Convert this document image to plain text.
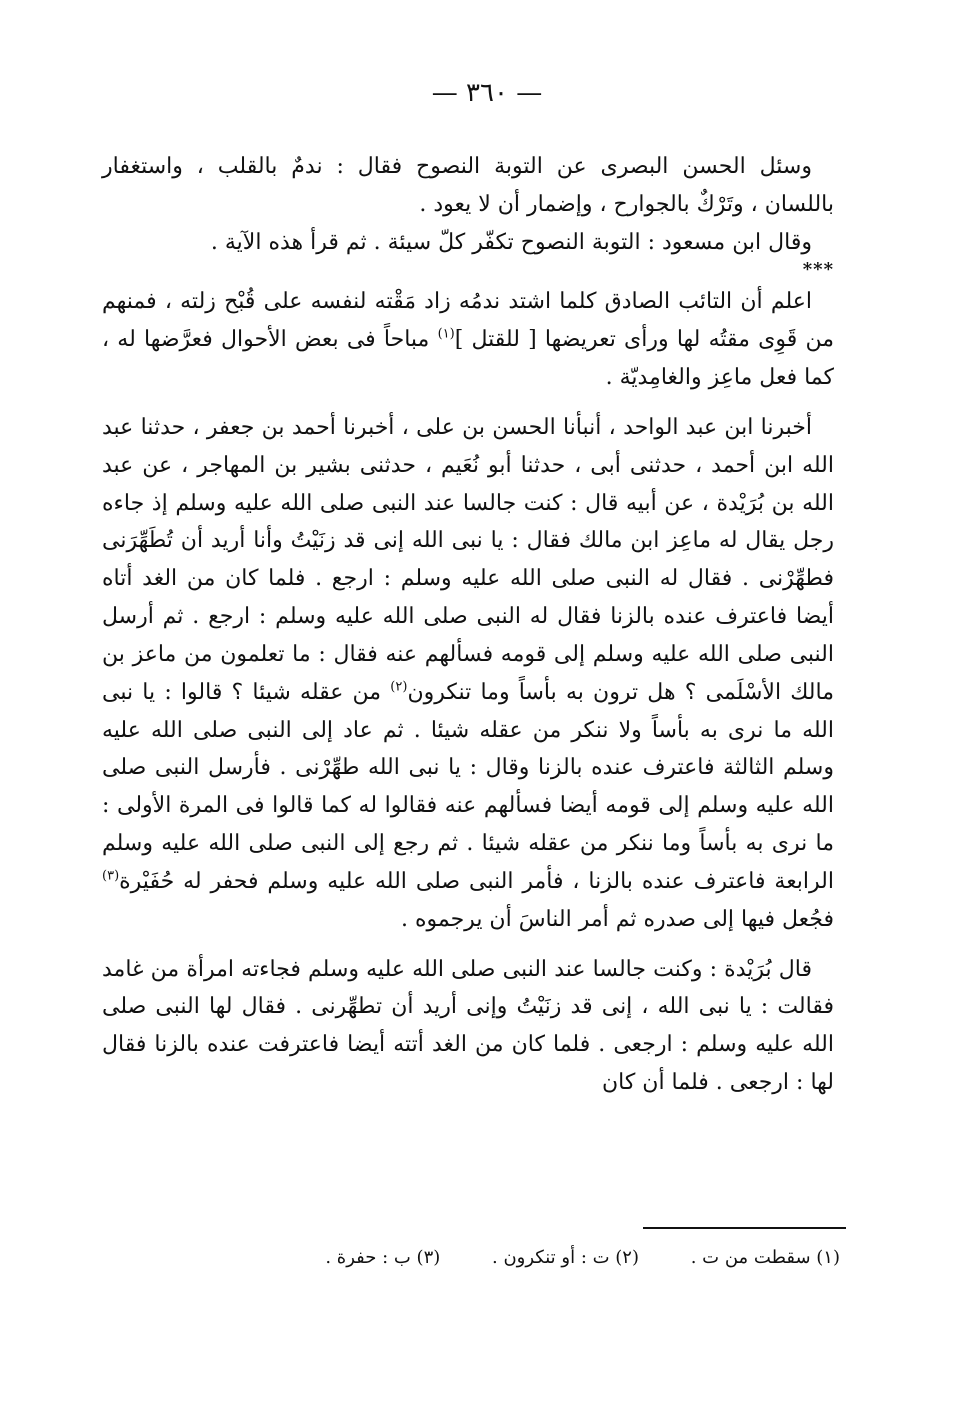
— ٣٦٠ —

وسئل الحسن البصرى عن التوبة النصوح فقال : ندمٌ بالقلب ، واستغفار باللسان ، وتَرْكٌ بالجوارح ، وإضمار أن لا يعود .

وقال ابن مسعود : التوبة النصوح تكفّر كلّ سيئة . ثم قرأ هذه الآية .

***

اعلم أن التائب الصادق كلما اشتد ندمُه زاد مَقْته لنفسه على قُبْح زلته ، فمنهم من قَوِى مقتُه لها ورأى تعريضها [ للقتل ]$^{(١)}$ مباحاً فى بعض الأحوال فعرَّضها له ، كما فعل ماعِز والغامِديّة .

أخبرنا ابن عبد الواحد ، أنبأنا الحسن بن على ، أخبرنا أحمد بن جعفر ، حدثنا عبد الله ابن أحمد ، حدثنى أبى ، حدثنا أبو نُعَيم ، حدثنى بشير بن المهاجر ، عن عبد الله بن بُرَيْدة ، عن أبيه قال : كنت جالسا عند النبى صلى الله عليه وسلم إذ جاءه رجل يقال له ماعِز ابن مالك فقال : يا نبى الله إنى قد زنَيْتُ وأنا أريد أن تُطَهِّرَنى فطهِّرْنى . فقال له النبى صلى الله عليه وسلم : ارجع . فلما كان من الغد أتاه أيضا فاعترف عنده بالزنا فقال له النبى صلى الله عليه وسلم : ارجع . ثم أرسل النبى صلى الله عليه وسلم إلى قومه فسألهم عنه فقال : ما تعلمون من ماعز بن مالك الأسْلَمى ؟ هل ترون به بأساً وما تنكرون$^{(٢)}$ من عقله شيئا ؟ قالوا : يا نبى الله ما نرى به بأساً ولا ننكر من عقله شيئا . ثم عاد إلى النبى صلى الله عليه وسلم الثالثة فاعترف عنده بالزنا وقال : يا نبى الله طهِّرْنى . فأرسل النبى صلى الله عليه وسلم إلى قومه أيضا فسألهم عنه فقالوا له كما قالوا فى المرة الأولى : ما نرى به بأساً وما ننكر من عقله شيئا . ثم رجع إلى النبى صلى الله عليه وسلم الرابعة فاعترف عنده بالزنا ، فأمر النبى صلى الله عليه وسلم فحفر له حُفَيْرة$^{(٣)}$ فجُعل فيها إلى صدره ثم أمر الناسَ أن يرجموه .

قال بُرَيْدة : وكنت جالسا عند النبى صلى الله عليه وسلم فجاءته امرأة من غامد فقالت : يا نبى الله ، إنى قد زنَيْتُ وإنى أريد أن تطهِّرنى . فقال لها النبى صلى الله عليه وسلم : ارجعى . فلما كان من الغد أتته أيضا فاعترفت عنده بالزنا فقال لها : ارجعى . فلما أن كان

(١) سقطت من ت . (٢) ت : أو تنكرون . (٣) ب : حفرة .
